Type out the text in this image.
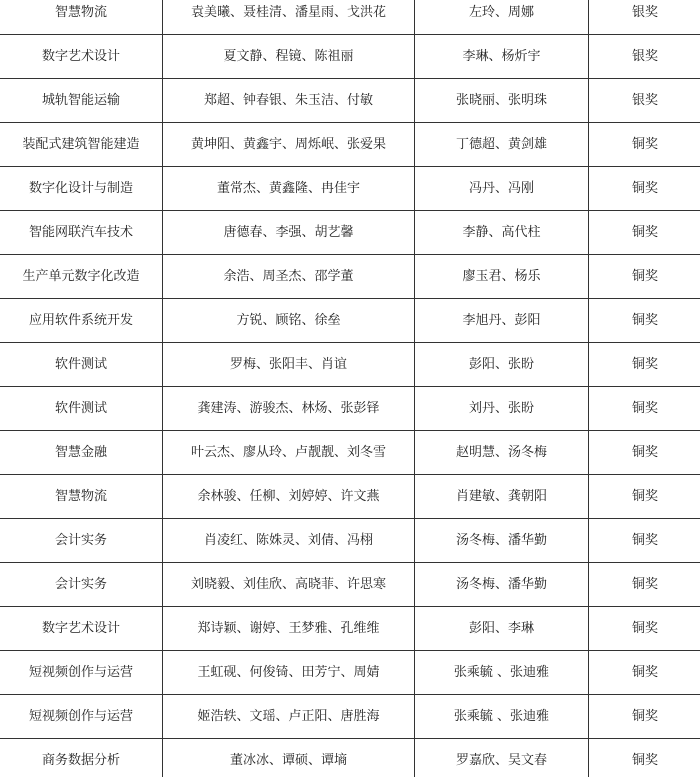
智慧物流	袁美曦、聂桂清、潘星雨、戈洪花	左玲、周娜	银奖
数字艺术设计	夏文静、程镜、陈祖丽	李琳、杨炘宇	银奖
城轨智能运输	郑超、钟春银、朱玉洁、付敏	张晓丽、张明珠	银奖
装配式建筑智能建造	黄坤阳、黄鑫宇、周烁岷、张爱果	丁德超、黄剑雄	铜奖
数字化设计与制造	董常杰、黄鑫隆、冉佳宇	冯丹、冯刚	铜奖
智能网联汽车技术	唐德春、李强、胡艺馨	李静、高代柱	铜奖
生产单元数字化改造	余浩、周圣杰、邵学董	廖玉君、杨乐	铜奖
应用软件系统开发	方锐、顾铭、徐垒	李旭丹、彭阳	铜奖
软件测试	罗梅、张阳丰、肖谊	彭阳、张盼	铜奖
软件测试	龚建涛、游骏杰、林炀、张彭铎	刘丹、张盼	铜奖
智慧金融	叶云杰、廖从玲、卢靓靓、刘冬雪	赵明慧、汤冬梅	铜奖
智慧物流	余林骏、任柳、刘婷婷、许文燕	肖建敏、龚朝阳	铜奖
会计实务	肖凌红、陈姝灵、刘倩、冯栩	汤冬梅、潘华勤	铜奖
会计实务	刘晓毅、刘佳欣、高晓菲、许思寒	汤冬梅、潘华勤	铜奖
数字艺术设计	郑诗颖、谢婷、王梦雅、孔维维	彭阳、李琳	铜奖
短视频创作与运营	王虹砚、何俊锜、田芳宁、周婧	张乘毓 、张迪雅	铜奖
短视频创作与运营	姬浩轶、文瑶、卢正阳、唐胜海	张乘毓 、张迪雅	铜奖
商务数据分析	董冰冰、谭硕、谭墒	罗嘉欣、吴文春	铜奖
